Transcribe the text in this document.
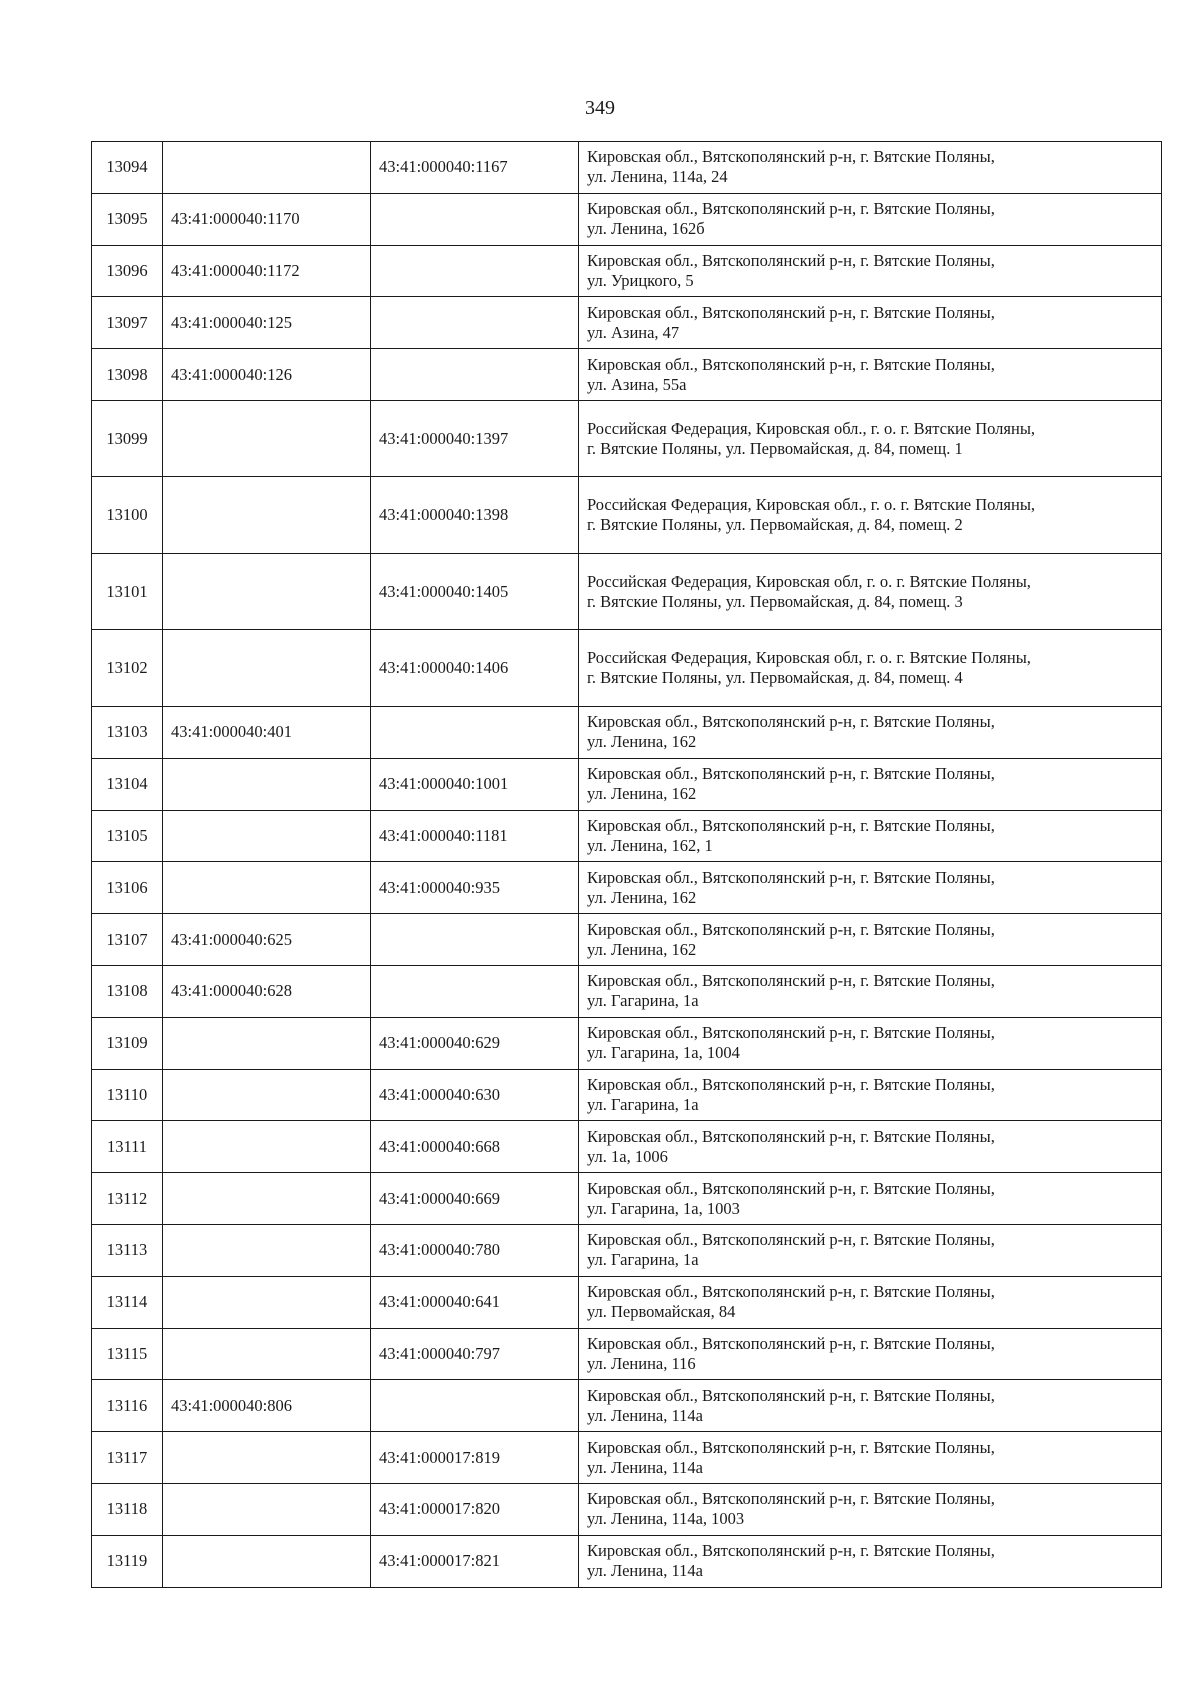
349
13094		43:41:000040:1167	Кировская обл., Вятскополянский р-н, г. Вятские Поляны,
ул. Ленина, 114а, 24

13095	43:41:000040:1170		Кировская обл., Вятскополянский р-н, г. Вятские Поляны,
ул. Ленина, 162б

13096	43:41:000040:1172		Кировская обл., Вятскополянский р-н, г. Вятские Поляны,
ул. Урицкого, 5

13097	43:41:000040:125		Кировская обл., Вятскополянский р-н, г. Вятские Поляны,
ул. Азина, 47

13098	43:41:000040:126		Кировская обл., Вятскополянский р-н, г. Вятские Поляны,
ул. Азина, 55а

13099		43:41:000040:1397	Российская Федерация, Кировская обл., г. о. г. Вятские Поляны,
г. Вятские Поляны, ул. Первомайская, д. 84, помещ. 1

13100		43:41:000040:1398	Российская Федерация, Кировская обл., г. о. г. Вятские Поляны,
г. Вятские Поляны, ул. Первомайская, д. 84, помещ. 2

13101		43:41:000040:1405	Российская Федерация, Кировская обл, г. о. г. Вятские Поляны,
г. Вятские Поляны, ул. Первомайская, д. 84, помещ. 3

13102		43:41:000040:1406	Российская Федерация, Кировская обл, г. о. г. Вятские Поляны,
г. Вятские Поляны, ул. Первомайская, д. 84, помещ. 4

13103	43:41:000040:401		Кировская обл., Вятскополянский р-н, г. Вятские Поляны,
ул. Ленина, 162

13104		43:41:000040:1001	Кировская обл., Вятскополянский р-н, г. Вятские Поляны,
ул. Ленина, 162

13105		43:41:000040:1181	Кировская обл., Вятскополянский р-н, г. Вятские Поляны,
ул. Ленина, 162, 1

13106		43:41:000040:935	Кировская обл., Вятскополянский р-н, г. Вятские Поляны,
ул. Ленина, 162

13107	43:41:000040:625		Кировская обл., Вятскополянский р-н, г. Вятские Поляны,
ул. Ленина, 162

13108	43:41:000040:628		Кировская обл., Вятскополянский р-н, г. Вятские Поляны,
ул. Гагарина, 1а

13109		43:41:000040:629	Кировская обл., Вятскополянский р-н, г. Вятские Поляны,
ул. Гагарина, 1а, 1004

13110		43:41:000040:630	Кировская обл., Вятскополянский р-н, г. Вятские Поляны,
ул. Гагарина, 1а

13111		43:41:000040:668	Кировская обл., Вятскополянский р-н, г. Вятские Поляны,
ул. 1а, 1006

13112		43:41:000040:669	Кировская обл., Вятскополянский р-н, г. Вятские Поляны,
ул. Гагарина, 1а, 1003

13113		43:41:000040:780	Кировская обл., Вятскополянский р-н, г. Вятские Поляны,
ул. Гагарина, 1а

13114		43:41:000040:641	Кировская обл., Вятскополянский р-н, г. Вятские Поляны,
ул. Первомайская, 84

13115		43:41:000040:797	Кировская обл., Вятскополянский р-н, г. Вятские Поляны,
ул. Ленина, 116

13116	43:41:000040:806		Кировская обл., Вятскополянский р-н, г. Вятские Поляны,
ул. Ленина, 114а

13117		43:41:000017:819	Кировская обл., Вятскополянский р-н, г. Вятские Поляны,
ул. Ленина, 114а

13118		43:41:000017:820	Кировская обл., Вятскополянский р-н, г. Вятские Поляны,
ул. Ленина, 114а, 1003

13119		43:41:000017:821	Кировская обл., Вятскополянский р-н, г. Вятские Поляны,
ул. Ленина, 114а
